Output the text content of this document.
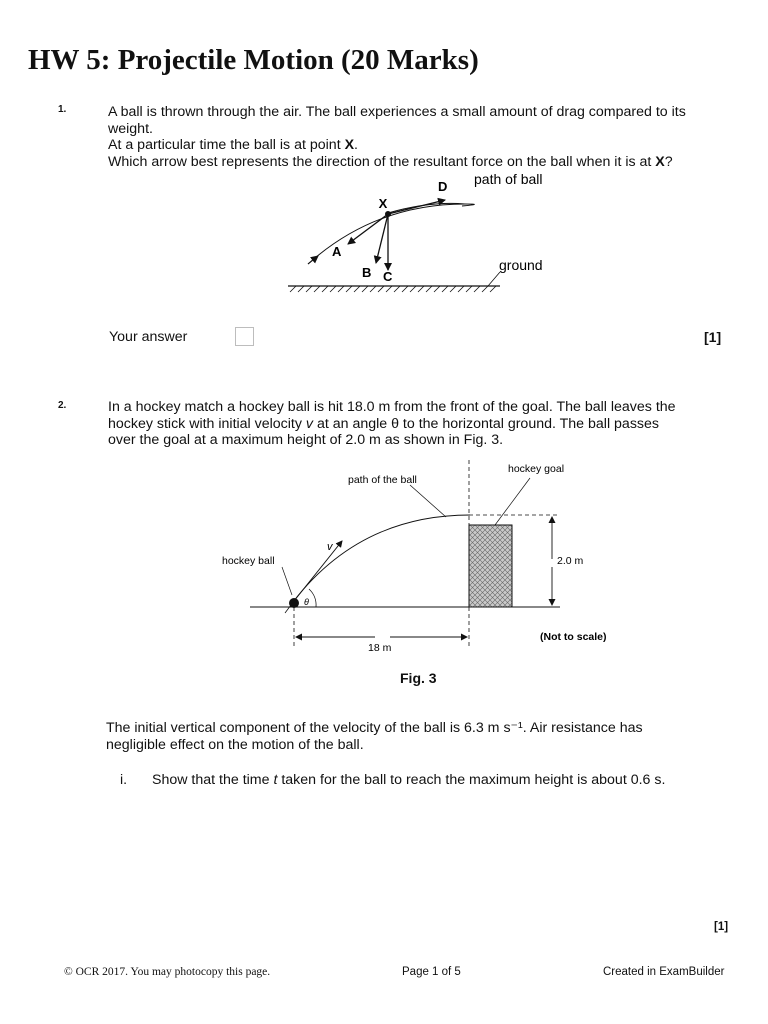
HW 5: Projectile Motion (20 Marks)
1.	A ball is thrown through the air. The ball experiences a small amount of drag compared to its weight.
At a particular time the ball is at point X.
Which arrow best represents the direction of the resultant force on the ball when it is at X?

X
A
B C
D path of ball
ground
Your answer	[1]
2.	In a hockey match a hockey ball is hit 18.0 m from the front of the goal. The ball leaves the
hockey stick with initial velocity v at an angle θ to the horizontal ground. The ball passes
over the goal at a maximum height of 2.0 m as shown in Fig. 3.

path of the ball
hockey goal
hockey ball
v
θ
2.0 m
18 m
(Not to scale)
Fig. 3

The initial vertical component of the velocity of the ball is 6.3 m s⁻¹. Air resistance has
negligible effect on the motion of the ball.

i. Show that the time t taken for the ball to reach the maximum height is about 0.6 s.
[1]
© OCR 2017. You may photocopy this page.	Page 1 of 5	Created in ExamBuilder
